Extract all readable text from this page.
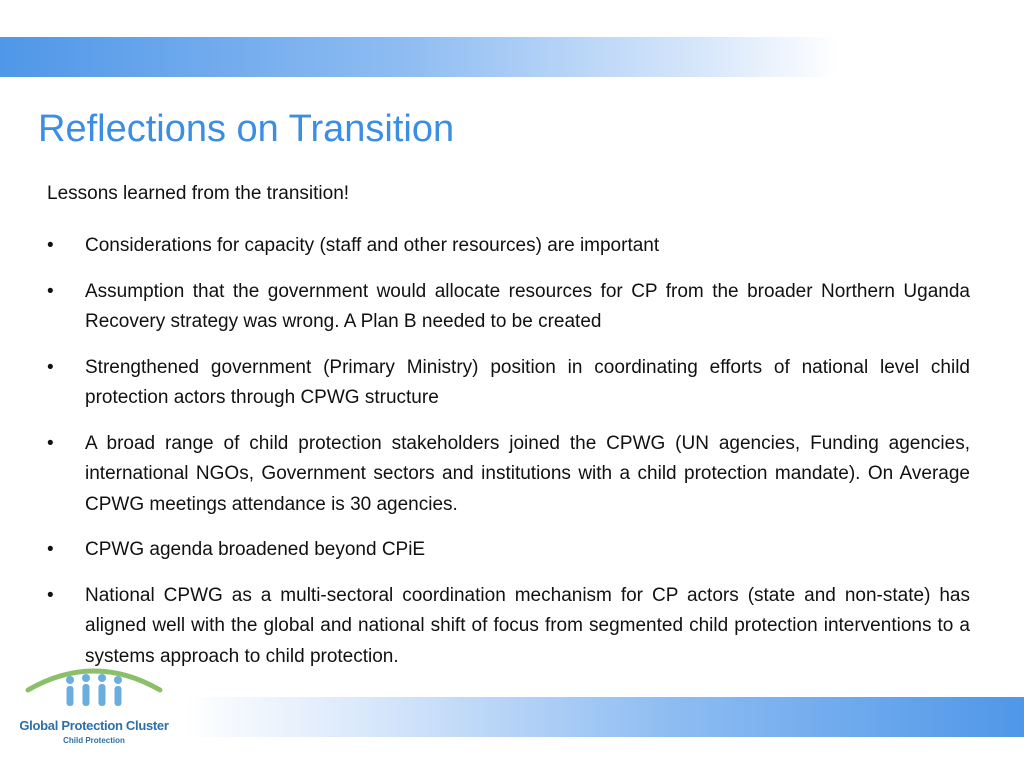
Reflections on Transition
Lessons learned from the transition!
• Considerations for capacity (staff and other resources) are important
• Assumption that the government would allocate resources for CP from the broader Northern Uganda Recovery strategy was wrong. A Plan B needed to be created
• Strengthened government (Primary Ministry) position in coordinating efforts of national level child protection actors through CPWG structure
• A broad range of child protection stakeholders joined the CPWG (UN agencies, Funding agencies, international NGOs, Government sectors and institutions with a child protection mandate). On Average CPWG meetings attendance is 30 agencies.
• CPWG agenda broadened beyond CPiE
• National CPWG as a multi-sectoral coordination mechanism for CP actors (state and non-state) has aligned well with the global and national shift of focus from segmented child protection interventions to a systems approach to child protection.
Global Protection Cluster
Child Protection
